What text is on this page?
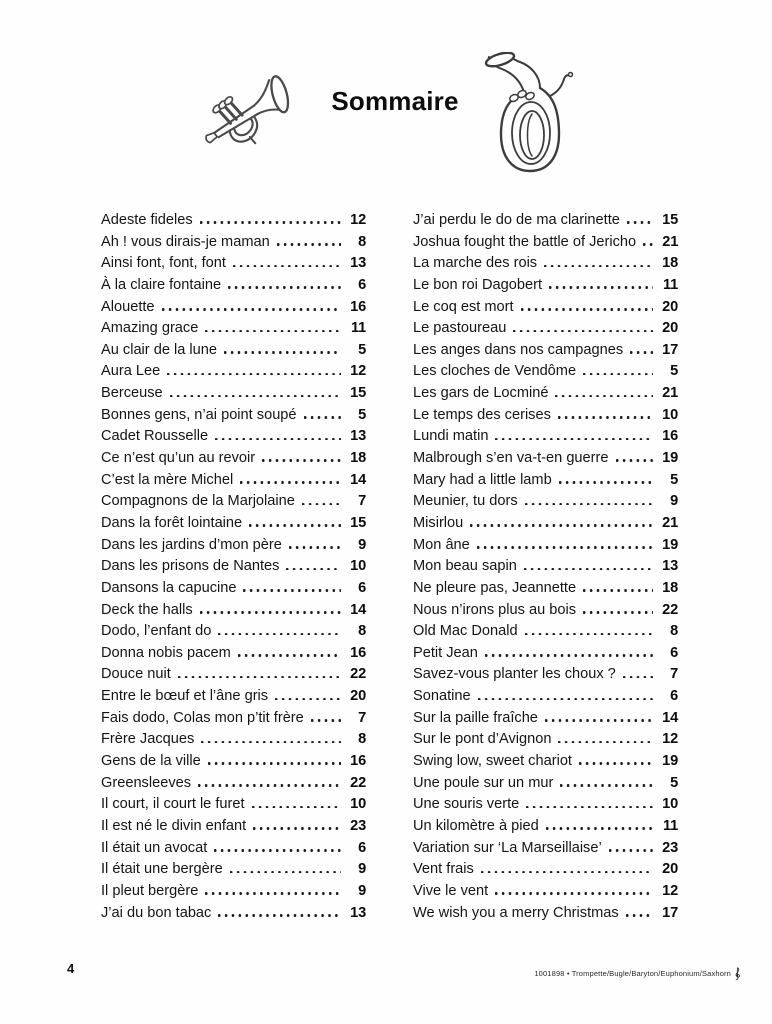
Sommaire
Adeste fideles	12
Ah ! vous dirais-je maman	8
Ainsi font, font, font	13
À la claire fontaine	6
Alouette	16
Amazing grace	11
Au clair de la lune	5
Aura Lee	12
Berceuse	15
Bonnes gens, n’ai point soupé	5
Cadet Rousselle	13
Ce n’est qu’un au revoir	18
C’est la mère Michel	14
Compagnons de la Marjolaine	7
Dans la forêt lointaine	15
Dans les jardins d’mon père	9
Dans les prisons de Nantes	10
Dansons la capucine	6
Deck the halls	14
Dodo, l’enfant do	8
Donna nobis pacem	16
Douce nuit	22
Entre le bœuf et l’âne gris	20
Fais dodo, Colas mon p’tit frère	7
Frère Jacques	8
Gens de la ville	16
Greensleeves	22
Il court, il court le furet	10
Il est né le divin enfant	23
Il était un avocat	6
Il était une bergère	9
Il pleut bergère	9
J’ai du bon tabac	13
J’ai perdu le do de ma clarinette	15
Joshua fought the battle of Jericho	21
La marche des rois	18
Le bon roi Dagobert	11
Le coq est mort	20
Le pastoureau	20
Les anges dans nos campagnes	17
Les cloches de Vendôme	5
Les gars de Locminé	21
Le temps des cerises	10
Lundi matin	16
Malbrough s’en va-t-en guerre	19
Mary had a little lamb	5
Meunier, tu dors	9
Misirlou	21
Mon âne	19
Mon beau sapin	13
Ne pleure pas, Jeannette	18
Nous n’irons plus au bois	22
Old Mac Donald	8
Petit Jean	6
Savez-vous planter les choux ?	7
Sonatine	6
Sur la paille fraîche	14
Sur le pont d’Avignon	12
Swing low, sweet chariot	19
Une poule sur un mur	5
Une souris verte	10
Un kilomètre à pied	11
Variation sur ‘La Marseillaise’	23
Vent frais	20
Vive le vent	12
We wish you a merry Christmas	17
4	1001898 • Trompette/Bugle/Baryton/Euphonium/Saxhorn
